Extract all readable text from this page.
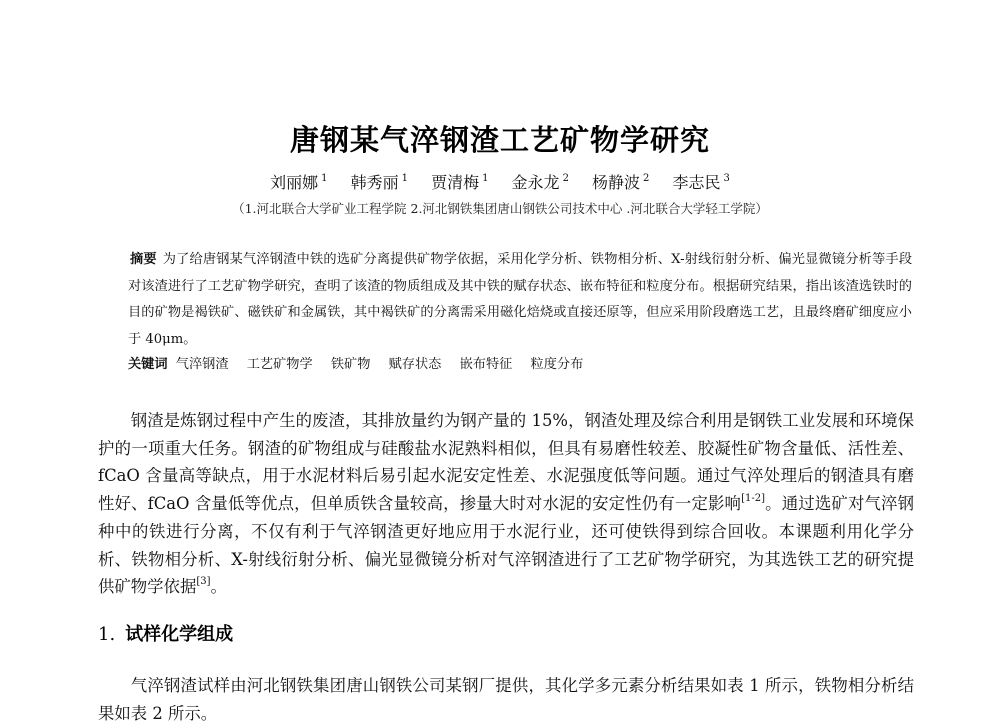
唐钢某气淬钢渣工艺矿物学研究
刘丽娜 $^1$ 韩秀丽 $^1$ 贾清梅 $^1$ 金永龙 $^2$ 杨静波 $^2$ 李志民 $^3$
（1.河北联合大学矿业工程学院 2.河北钢铁集团唐山钢铁公司技术中心 .河北联合大学轻工学院）
摘要 为了给唐钢某气淬钢渣中铁的选矿分离提供矿物学依据，采用化学分析、铁物相分析、X-射线衍射分析、偏光显微镜分析等手段对该渣进行了工艺矿物学研究，查明了该渣的物质组成及其中铁的赋存状态、嵌布特征和粒度分布。根据研究结果，指出该渣选铁时的目的矿物是褐铁矿、磁铁矿和金属铁，其中褐铁矿的分离需采用磁化焙烧或直接还原等，但应采用阶段磨选工艺，且最终磨矿细度应小于 40μm。
关键词 气淬钢渣 工艺矿物学 铁矿物 赋存状态 嵌布特征 粒度分布
钢渣是炼钢过程中产生的废渣，其排放量约为钢产量的 15%，钢渣处理及综合利用是钢铁工业发展和环境保护的一项重大任务。钢渣的矿物组成与硅酸盐水泥熟料相似，但具有易磨性较差、胶凝性矿物含量低、活性差、fCaO 含量高等缺点，用于水泥材料后易引起水泥安定性差、水泥强度低等问题。通过气淬处理后的钢渣具有磨性好、fCaO 含量低等优点，但单质铁含量较高，掺量大时对水泥的安定性仍有一定影响[1-2]。通过选矿对气淬钢种中的铁进行分离，不仅有利于气淬钢渣更好地应用于水泥行业，还可使铁得到综合回收。本课题利用化学分析、铁物相分析、X-射线衍射分析、偏光显微镜分析对气淬钢渣进行了工艺矿物学研究，为其选铁工艺的研究提供矿物学依据[3]。
1. 试样化学组成
气淬钢渣试样由河北钢铁集团唐山钢铁公司某钢厂提供，其化学多元素分析结果如表 1 所示，铁物相分析结果如表 2 所示。
